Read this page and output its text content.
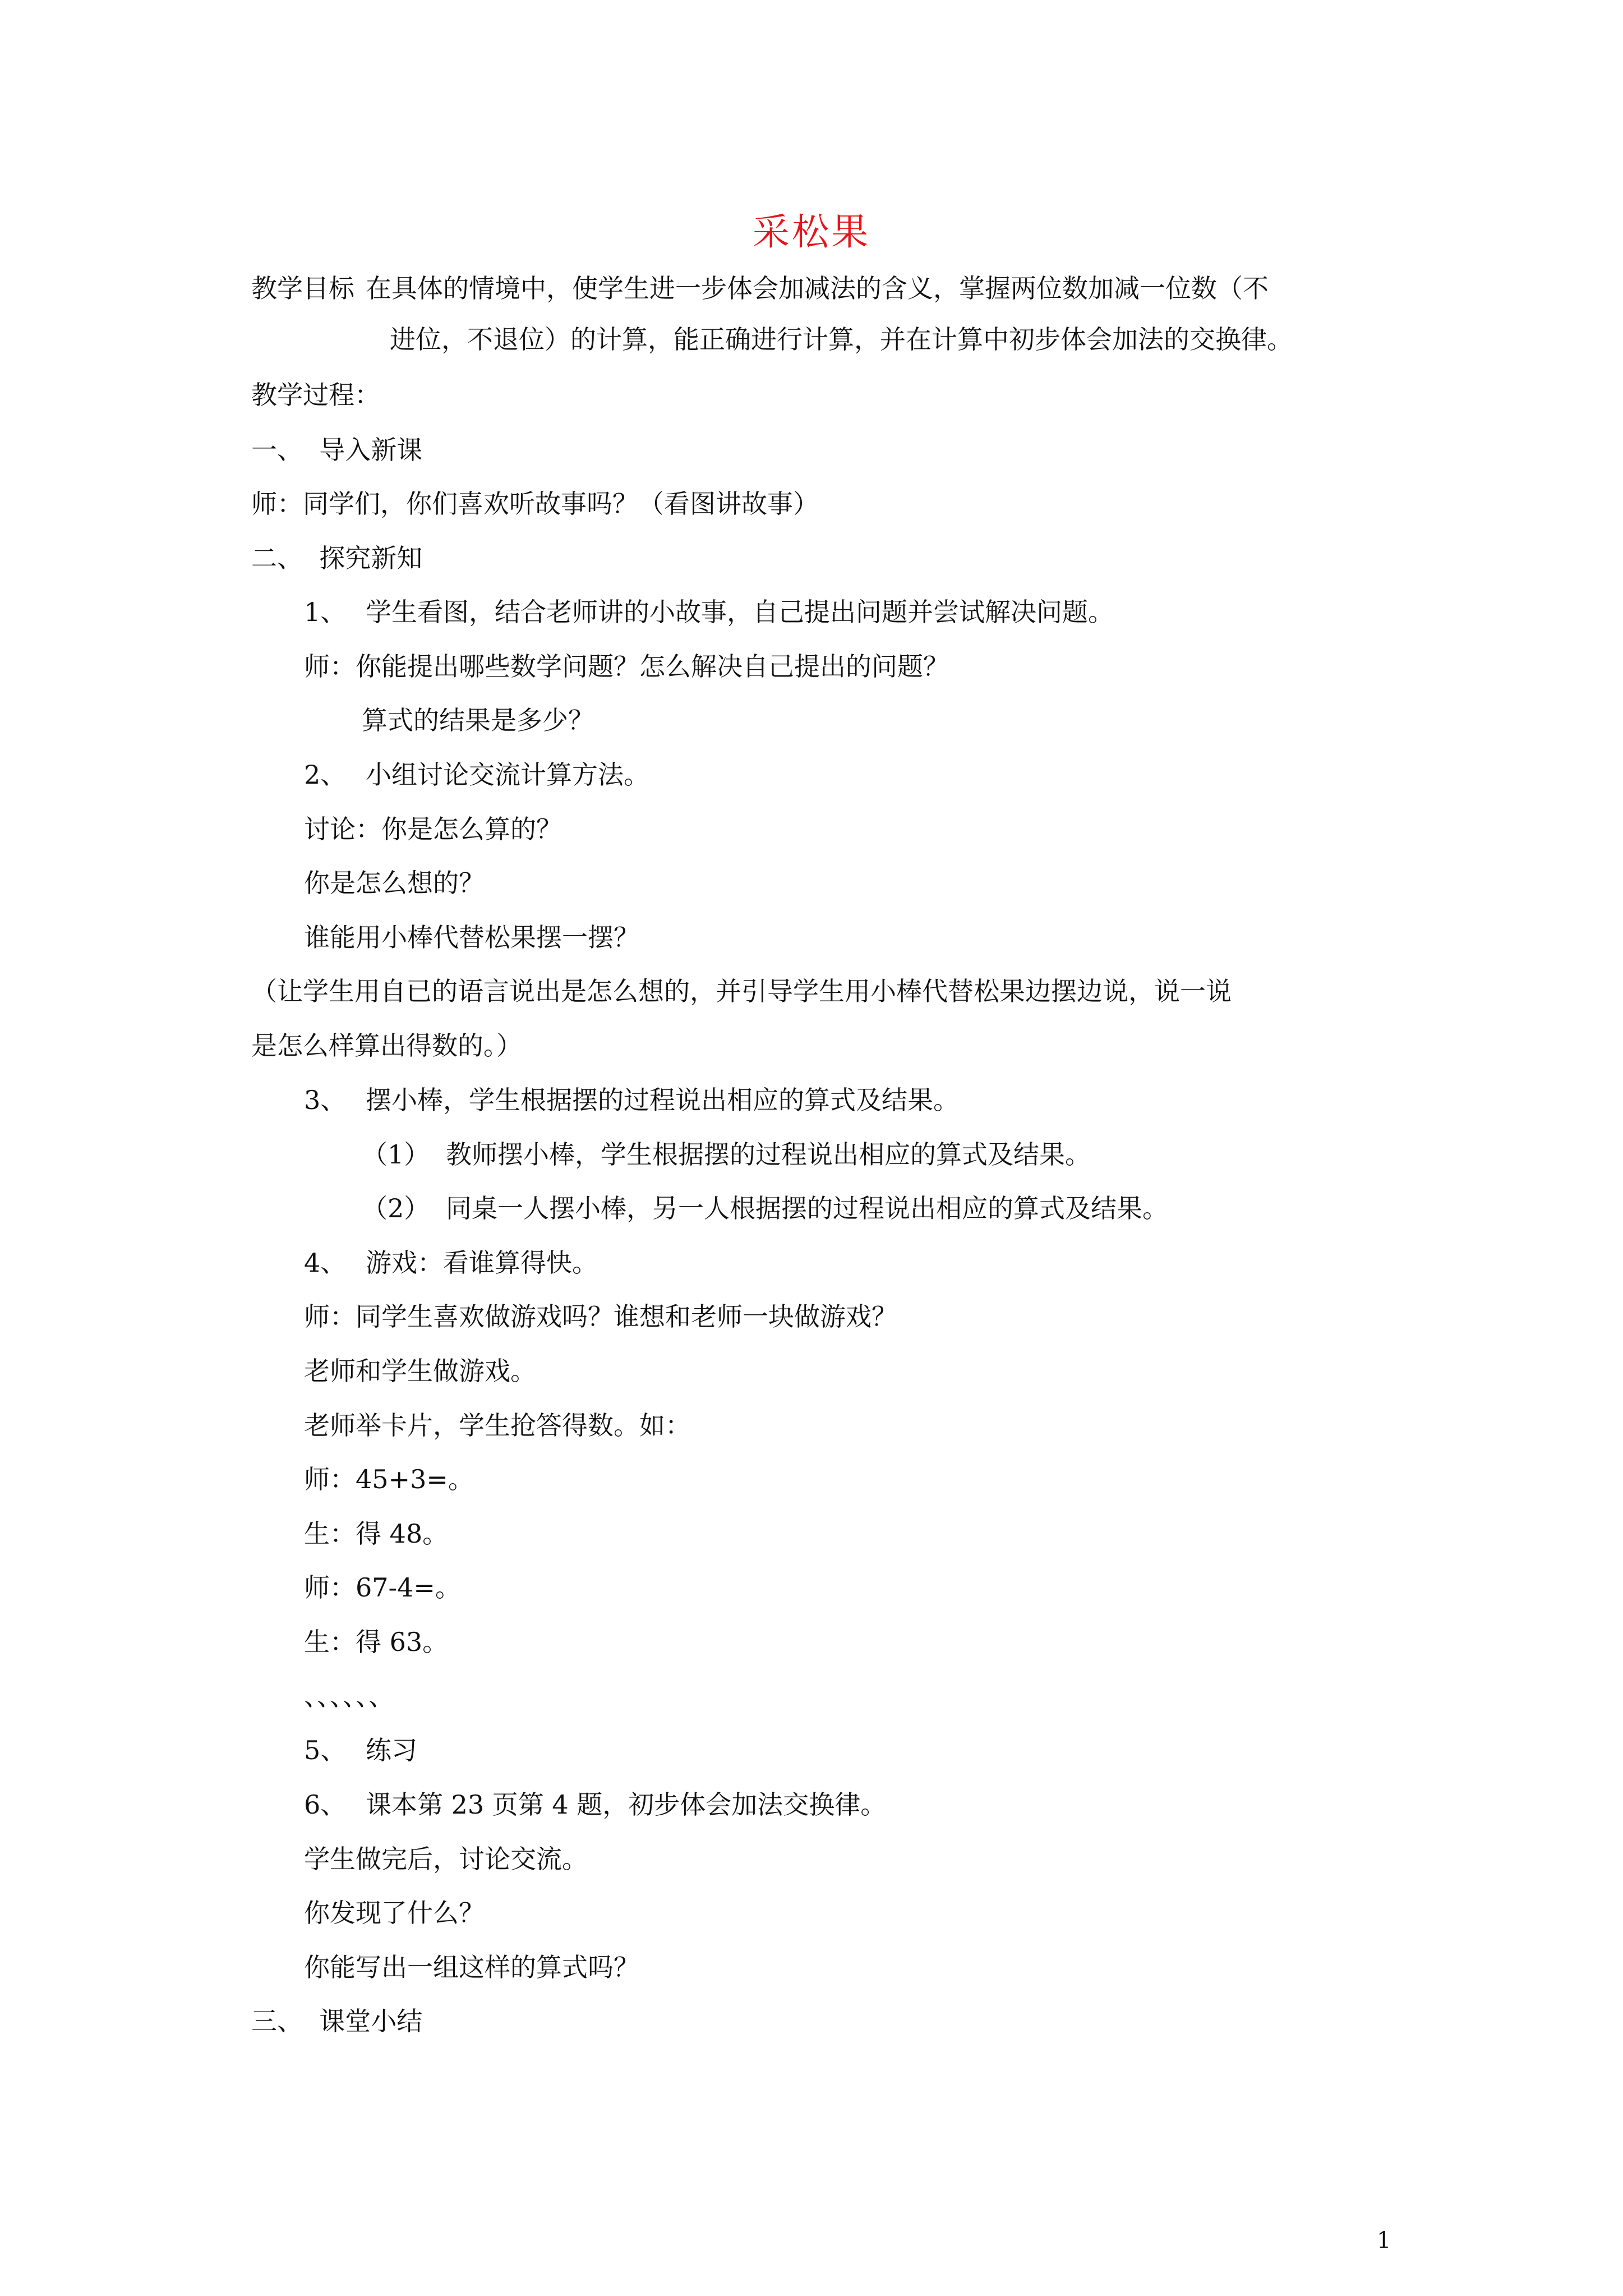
采松果

教学目标 在具体的情境中，使学生进一步体会加减法的含义，掌握两位数加减一位数（不

进位，不退位）的计算，能正确进行计算，并在计算中初步体会加法的交换律。

教学过程：

一、 导入新课

师：同学们，你们喜欢听故事吗？（看图讲故事）

二、 探究新知

1、 学生看图，结合老师讲的小故事，自己提出问题并尝试解决问题。

师：你能提出哪些数学问题？怎么解决自己提出的问题？

算式的结果是多少？

2、 小组讨论交流计算方法。

讨论：你是怎么算的？

你是怎么想的？

谁能用小棒代替松果摆一摆？

（让学生用自已的语言说出是怎么想的，并引导学生用小棒代替松果边摆边说，说一说

是怎么样算出得数的。）

3、 摆小棒，学生根据摆的过程说出相应的算式及结果。

（1） 教师摆小棒，学生根据摆的过程说出相应的算式及结果。

（2） 同桌一人摆小棒，另一人根据摆的过程说出相应的算式及结果。

4、 游戏：看谁算得快。

师：同学生喜欢做游戏吗？谁想和老师一块做游戏？

老师和学生做游戏。

老师举卡片，学生抢答得数。如：

师：45+3=。

生：得 48。

师：67-4=。

生：得 63。

、、、、、、

5、 练习

6、 课本第 23 页第 4 题，初步体会加法交换律。

学生做完后，讨论交流。

你发现了什么？

你能写出一组这样的算式吗？

三、 课堂小结

1
